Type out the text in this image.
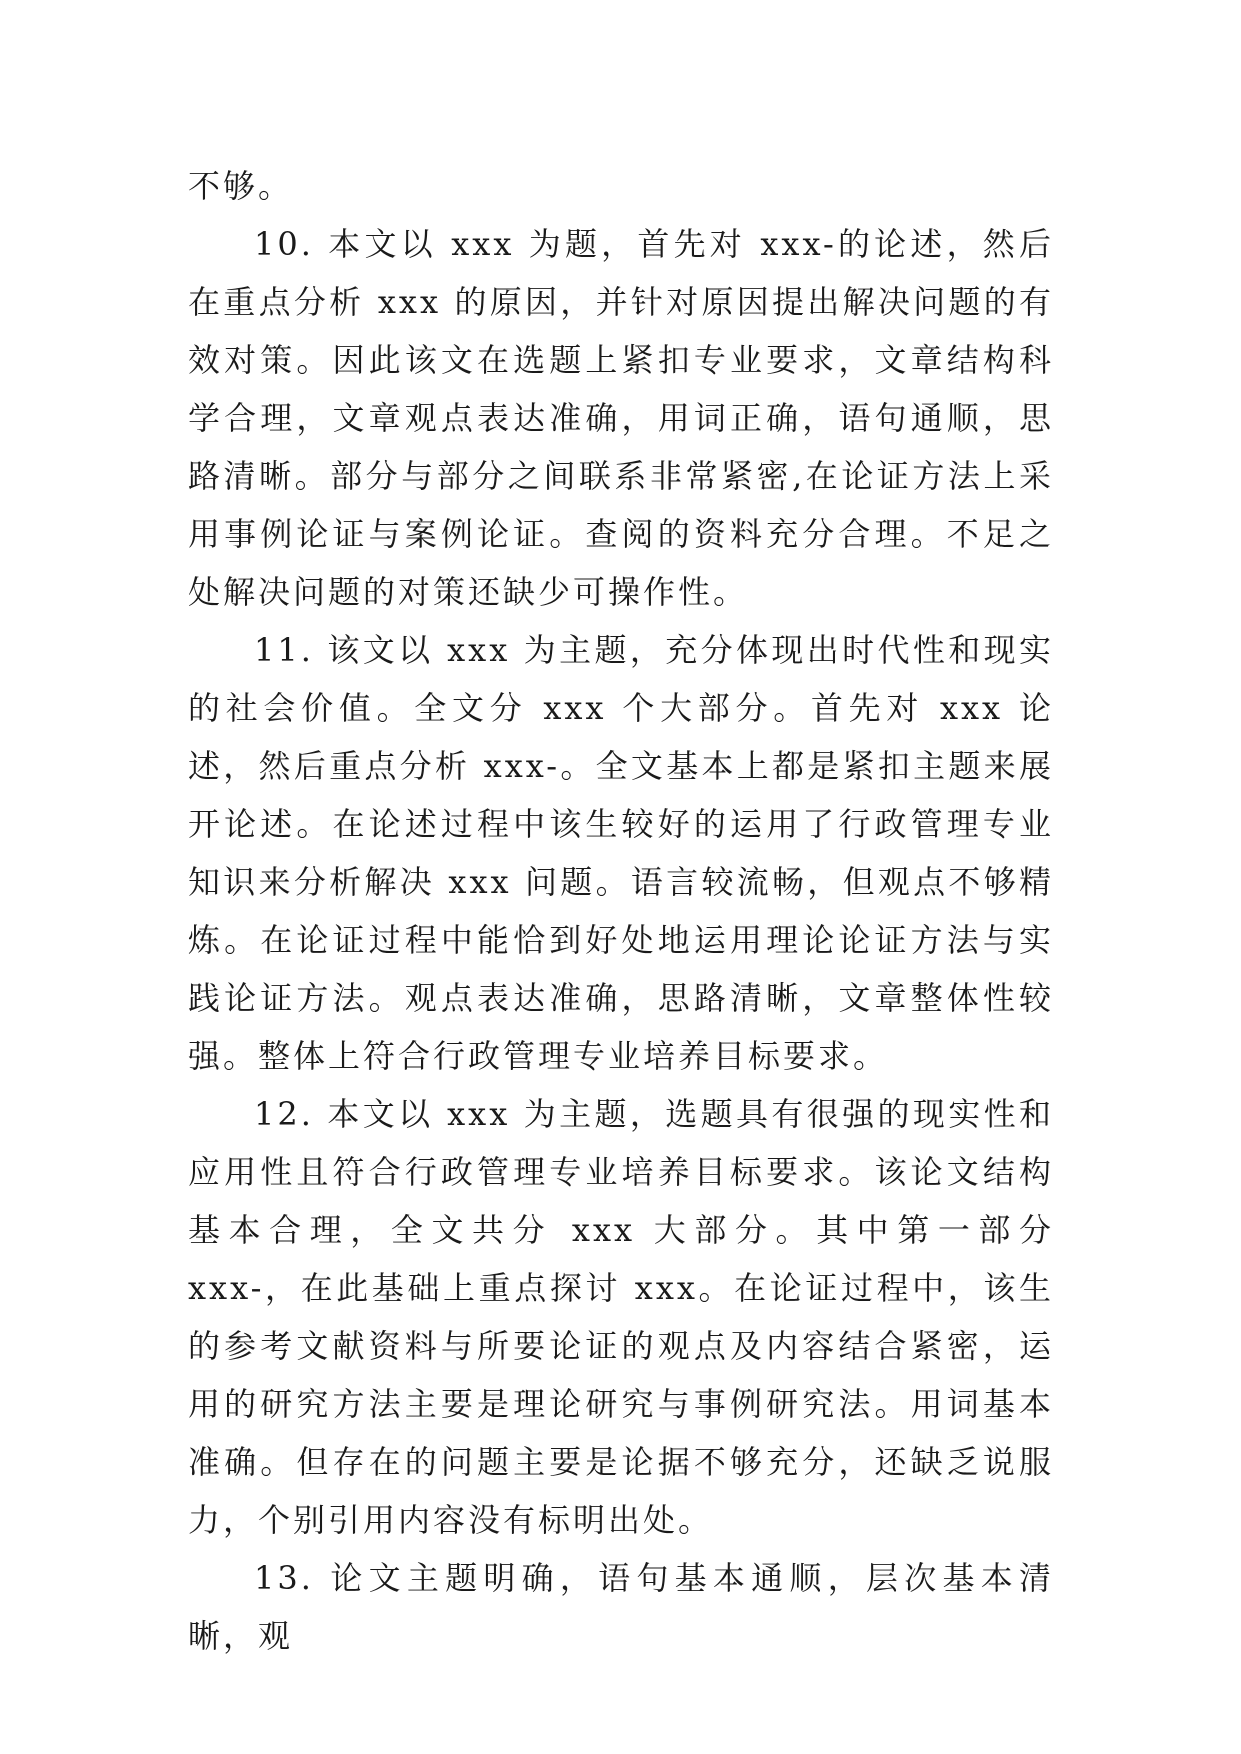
不够。

10. 本文以 xxx 为题，首先对 xxx-的论述，然后在重点分析 xxx 的原因，并针对原因提出解决问题的有效对策。因此该文在选题上紧扣专业要求，文章结构科学合理，文章观点表达准确，用词正确，语句通顺，思路清晰。部分与部分之间联系非常紧密,在论证方法上采用事例论证与案例论证。查阅的资料充分合理。不足之处解决问题的对策还缺少可操作性。

11. 该文以 xxx 为主题，充分体现出时代性和现实的社会价值。全文分 xxx 个大部分。首先对 xxx 论述，然后重点分析 xxx-。全文基本上都是紧扣主题来展开论述。在论述过程中该生较好的运用了行政管理专业知识来分析解决 xxx 问题。语言较流畅，但观点不够精炼。在论证过程中能恰到好处地运用理论论证方法与实践论证方法。观点表达准确，思路清晰，文章整体性较强。整体上符合行政管理专业培养目标要求。

12. 本文以 xxx 为主题，选题具有很强的现实性和应用性且符合行政管理专业培养目标要求。该论文结构基本合理，全文共分 xxx 大部分。其中第一部分 xxx-，在此基础上重点探讨 xxx。在论证过程中，该生的参考文献资料与所要论证的观点及内容结合紧密，运用的研究方法主要是理论研究与事例研究法。用词基本准确。但存在的问题主要是论据不够充分，还缺乏说服力，个别引用内容没有标明出处。

13. 论文主题明确，语句基本通顺，层次基本清晰，观
